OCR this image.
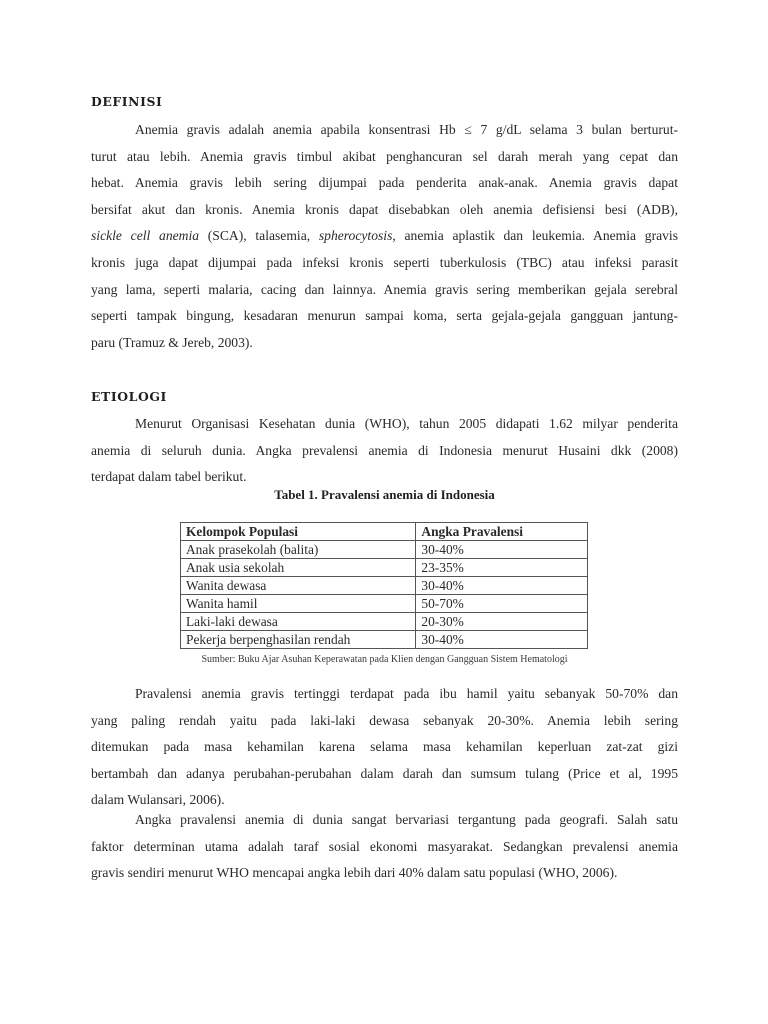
DEFINISI
Anemia gravis adalah anemia apabila konsentrasi Hb ≤ 7 g/dL selama 3 bulan berturut-
turut atau lebih. Anemia gravis timbul akibat penghancuran sel darah merah yang cepat dan
hebat. Anemia gravis lebih sering dijumpai pada penderita anak-anak. Anemia gravis dapat
bersifat akut dan kronis. Anemia kronis dapat disebabkan oleh anemia defisiensi besi (ADB),
sickle cell anemia (SCA), talasemia, spherocytosis, anemia aplastik dan leukemia. Anemia gravis
kronis juga dapat dijumpai pada infeksi kronis seperti tuberkulosis (TBC) atau infeksi parasit
yang lama, seperti malaria, cacing dan lainnya. Anemia gravis sering memberikan gejala serebral
seperti tampak bingung, kesadaran menurun sampai koma, serta gejala-gejala gangguan jantung-
paru (Tramuz & Jereb, 2003).
ETIOLOGI
Menurut Organisasi Kesehatan dunia (WHO), tahun 2005 didapati 1.62 milyar penderita
anemia di seluruh dunia. Angka prevalensi anemia di Indonesia menurut Husaini dkk (2008)
terdapat dalam tabel berikut.
Tabel 1. Pravalensi anemia di Indonesia
Kelompok Populasi	Angka Pravalensi
Anak prasekolah (balita)	30-40%
Anak usia sekolah	23-35%
Wanita dewasa	30-40%
Wanita hamil	50-70%
Laki-laki dewasa	20-30%
Pekerja berpenghasilan rendah	30-40%
Sumber: Buku Ajar Asuhan Keperawatan pada Klien dengan Gangguan Sistem Hematologi
Pravalensi anemia gravis tertinggi terdapat pada ibu hamil yaitu sebanyak 50-70% dan
yang paling rendah yaitu pada laki-laki dewasa sebanyak 20-30%. Anemia lebih sering
ditemukan pada masa kehamilan karena selama masa kehamilan keperluan zat-zat gizi
bertambah dan adanya perubahan-perubahan dalam darah dan sumsum tulang (Price et al, 1995
dalam Wulansari, 2006).
Angka pravalensi anemia di dunia sangat bervariasi tergantung pada geografi. Salah satu
faktor determinan utama adalah taraf sosial ekonomi masyarakat. Sedangkan prevalensi anemia
gravis sendiri menurut WHO mencapai angka lebih dari 40% dalam satu populasi (WHO, 2006).
